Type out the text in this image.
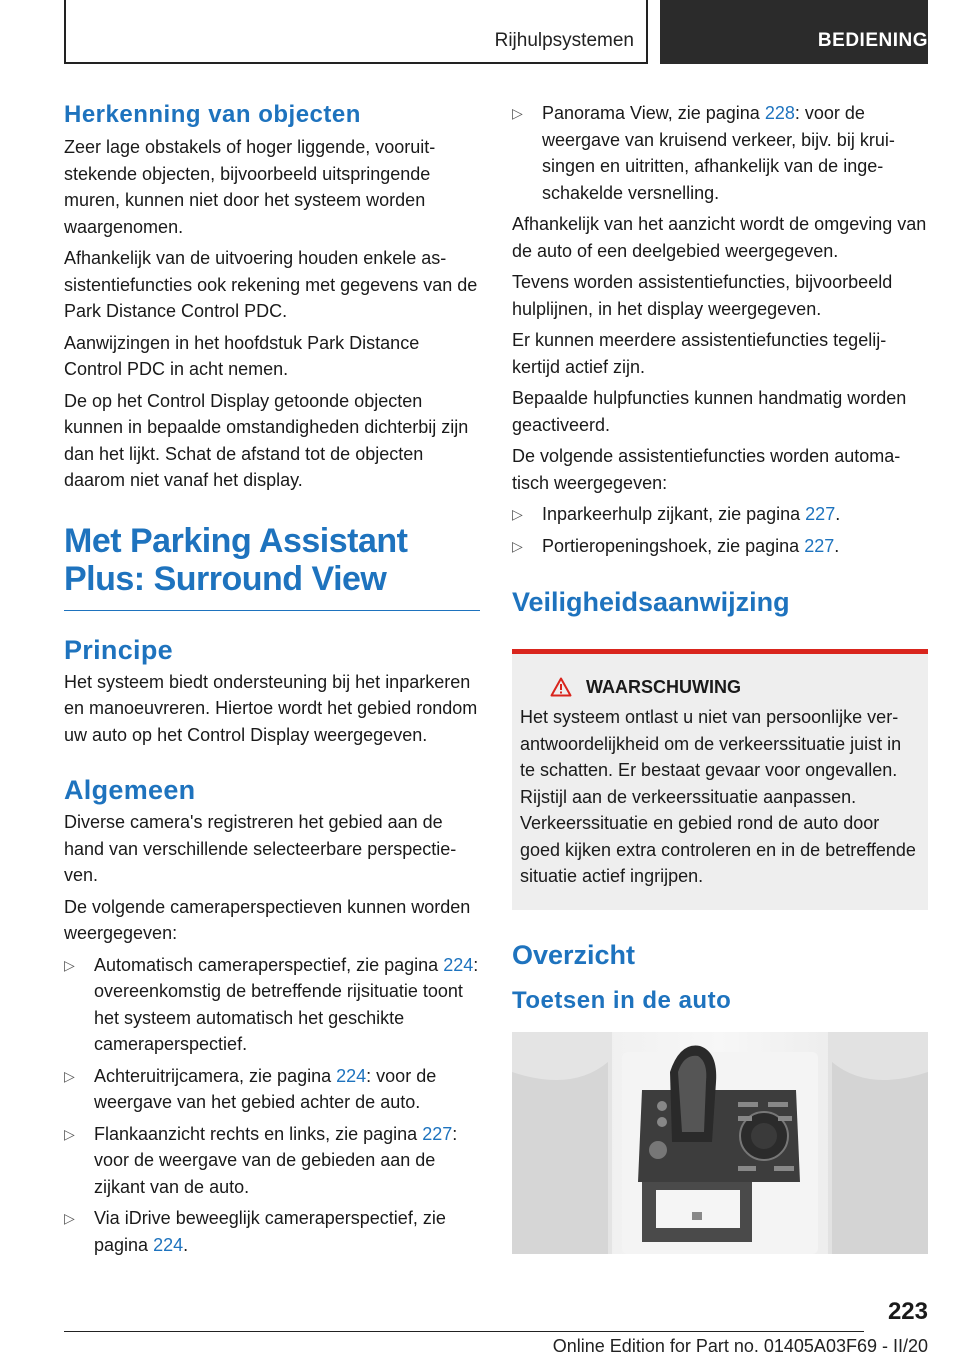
Rijhulpsystemen	BEDIENING
Herkenning van objecten

Zeer lage obstakels of hoger liggende, vooruitstekende objecten, bijvoorbeeld uitspringende muren, kunnen niet door het systeem worden waargenomen.

Afhankelijk van de uitvoering houden enkele assistentiefuncties ook rekening met gegevens van de Park Distance Control PDC.

Aanwijzingen in het hoofdstuk Park Distance Control PDC in acht nemen.

De op het Control Display getoonde objecten kunnen in bepaalde omstandigheden dichterbij zijn dan het lijkt. Schat de afstand tot de objecten daarom niet vanaf het display.

Met Parking Assistant Plus: Surround View
Principe

Het systeem biedt ondersteuning bij het inparkeren en manoeuvreren. Hiertoe wordt het gebied rondom uw auto op het Control Display weergegeven.

Algemeen

Diverse camera's registreren het gebied aan de hand van verschillende selecteerbare perspectieven.

De volgende cameraperspectieven kunnen worden weergegeven:

▷ Automatisch cameraperspectief, zie pagina 224: overeenkomstig de betreffende rijsituatie toont het systeem automatisch het geschikte cameraperspectief.
▷ Achteruitrijcamera, zie pagina 224: voor de weergave van het gebied achter de auto.
▷ Flankaanzicht rechts en links, zie pagina 227: voor de weergave van de gebieden aan de zijkant van de auto.
▷ Via iDrive beweeglijk cameraperspectief, zie pagina 224.
▷ Panorama View, zie pagina 228: voor de weergave van kruisend verkeer, bijv. bij kruisingen en uitritten, afhankelijk van de ingeschakelde versnelling.

Afhankelijk van het aanzicht wordt de omgeving van de auto of een deelgebied weergegeven.

Tevens worden assistentiefuncties, bijvoorbeeld hulplijnen, in het display weergegeven.

Er kunnen meerdere assistentiefuncties tegelijkertijd actief zijn.

Bepaalde hulpfuncties kunnen handmatig worden geactiveerd.

De volgende assistentiefuncties worden automatisch weergegeven:

▷ Inparkeerhulp zijkant, zie pagina 227.
▷ Portieropeningshoek, zie pagina 227.
Veiligheidsaanwijzing
WAARSCHUWING

Het systeem ontlast u niet van persoonlijke verantwoordelijkheid om de verkeerssituatie juist in te schatten. Er bestaat gevaar voor ongevallen. Rijstijl aan de verkeerssituatie aanpassen. Verkeerssituatie en gebied rond de auto door goed kijken extra controleren en in de betreffende situatie actief ingrijpen.

Overzicht
Toetsen in de auto
223
Online Edition for Part no. 01405A03F69 - II/20
